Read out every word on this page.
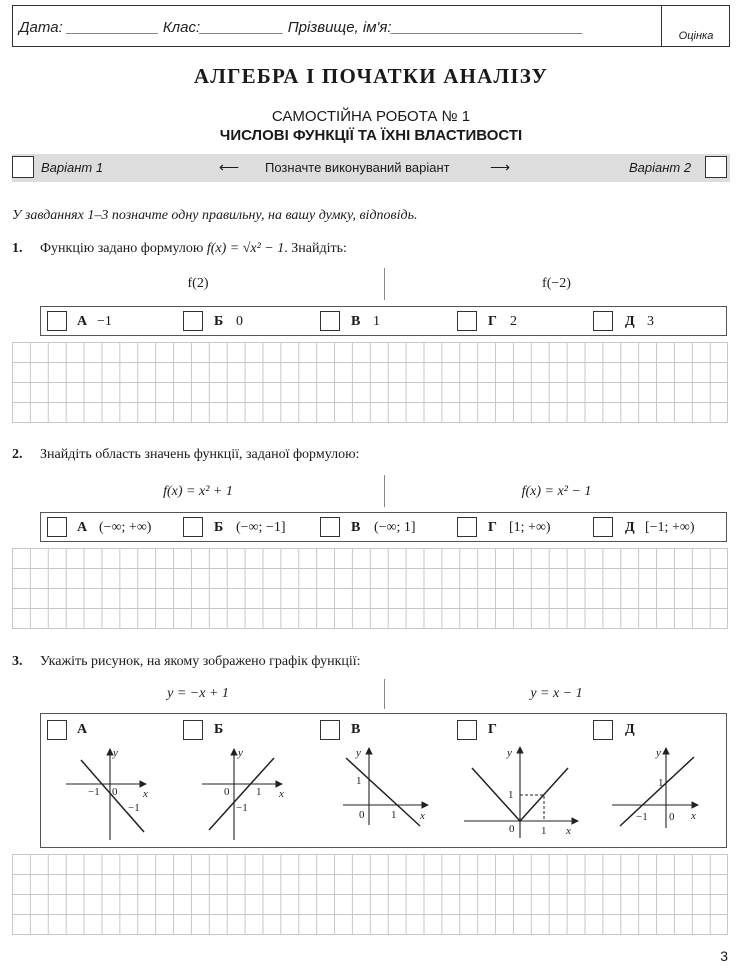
Дата: ___________ Клас:__________ Прізвище, ім'я:_______________________	Оцінка
АЛГЕБРА І ПОЧАТКИ АНАЛІЗУ
САМОСТІЙНА РОБОТА № 1
ЧИСЛОВІ ФУНКЦІЇ ТА ЇХНІ ВЛАСТИВОСТІ
Варіант 1	⟵ Позначте виконуваний варіант	⟶	Варіант 2
У завданнях 1–3 позначте одну правильну, на вашу думку, відповідь.
1. Функцію задано формулою f(x) = √x² − 1. Знайдіть:
f(2)	f(−2)
А −1	Б 0	В 1	Г 2	Д 3
2. Знайдіть область значень функції, заданої формулою:
f(x) = x² + 1	f(x) = x² − 1
А (−∞; +∞)	Б (−∞; −1]	В (−∞; 1]	Г [1; +∞)	Д [−1; +∞)
3. Укажіть рисунок, на якому зображено графік функції:
y = −x + 1	y = x − 1
А	Б	В	Г	Д
y
x
−1 0
−1
y
x
0 1
−1
y
x
1
0 1
y
x
1
0 1
y
x
1
−1 0
3
